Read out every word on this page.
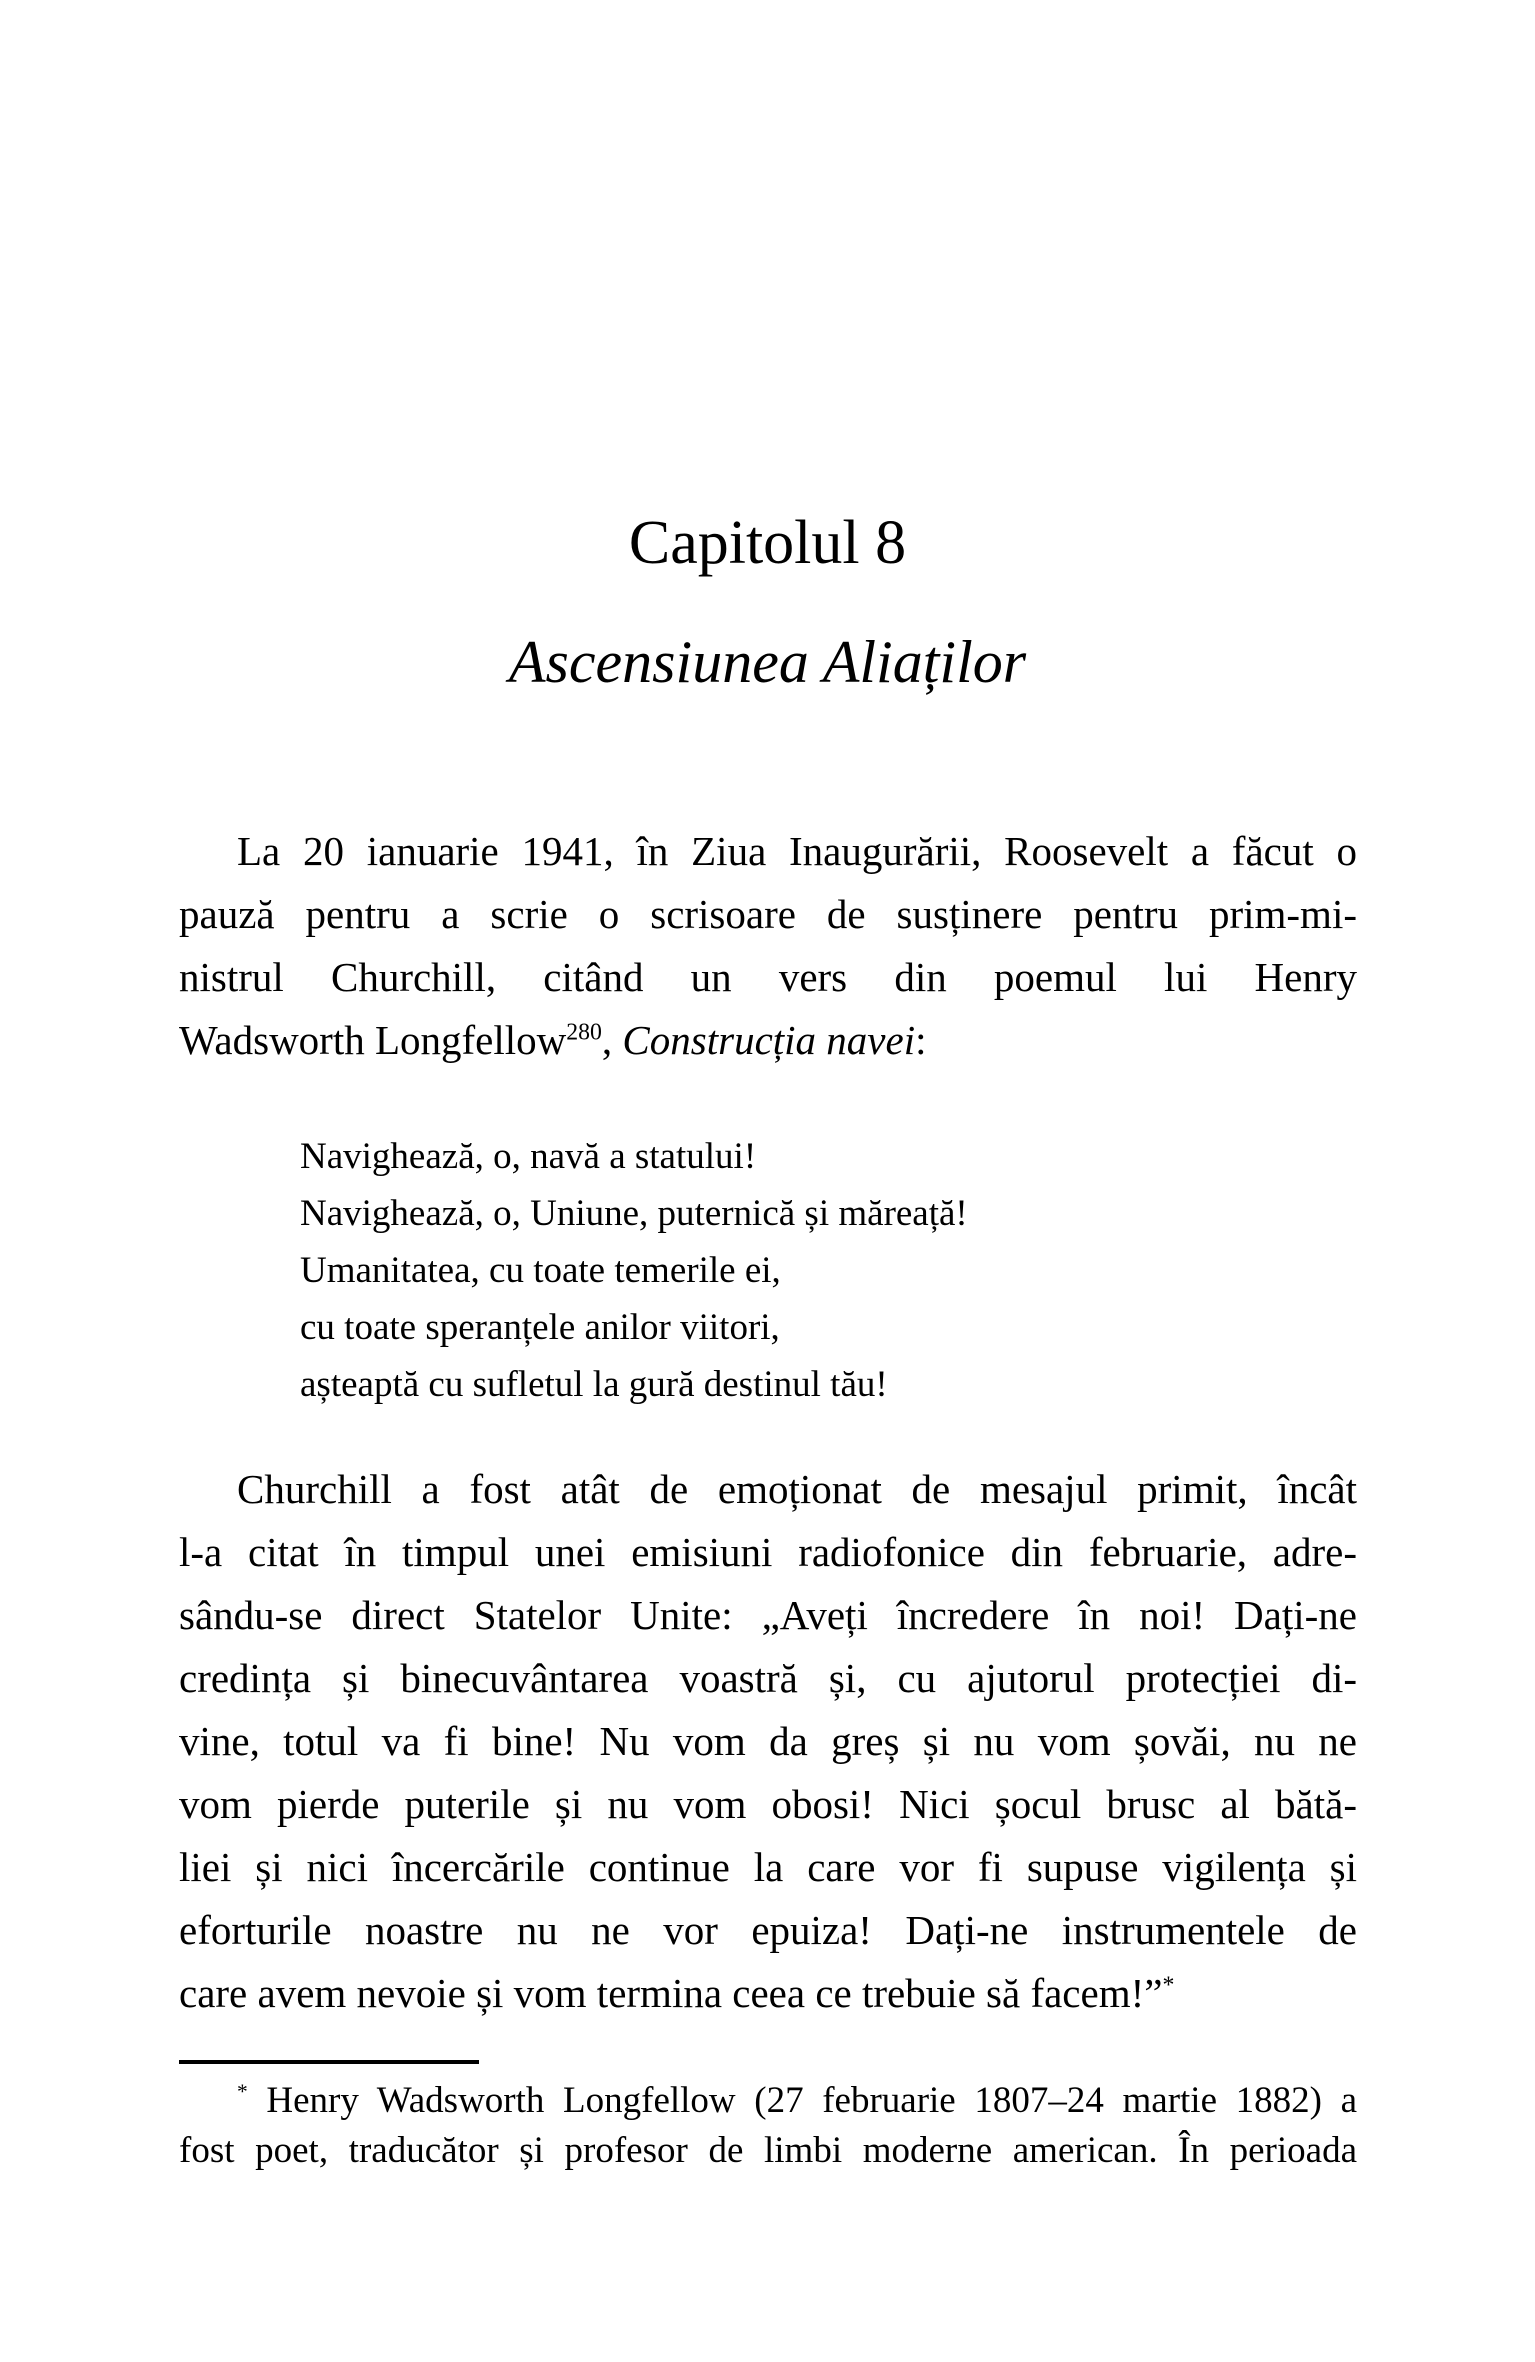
Capitolul 8
Ascensiunea Aliaților
La 20 ianuarie 1941, în Ziua Inaugurării, Roosevelt a făcut o
pauză pentru a scrie o scrisoare de susținere pentru prim-mi-
nistrul Churchill, citând un vers din poemul lui Henry
Wadsworth Longfellow$^{280}$, Construcția navei:
Navighează, o, navă a statului!
Navighează, o, Uniune, puternică și măreață!
Umanitatea, cu toate temerile ei,
cu toate speranțele anilor viitori,
așteaptă cu sufletul la gură destinul tău!
Churchill a fost atât de emoționat de mesajul primit, încât
l-a citat în timpul unei emisiuni radiofonice din februarie, adre-
sându-se direct Statelor Unite: „Aveți încredere în noi! Dați-ne
credința și binecuvântarea voastră și, cu ajutorul protecției di-
vine, totul va fi bine! Nu vom da greș și nu vom șovăi, nu ne
vom pierde puterile și nu vom obosi! Nici șocul brusc al bătă-
liei și nici încercările continue la care vor fi supuse vigilența și
eforturile noastre nu ne vor epuiza! Dați-ne instrumentele de
care avem nevoie și vom termina ceea ce trebuie să facem!”*
* Henry Wadsworth Longfellow (27 februarie 1807–24 martie 1882) a
fost poet, traducător și profesor de limbi moderne american. În perioada
